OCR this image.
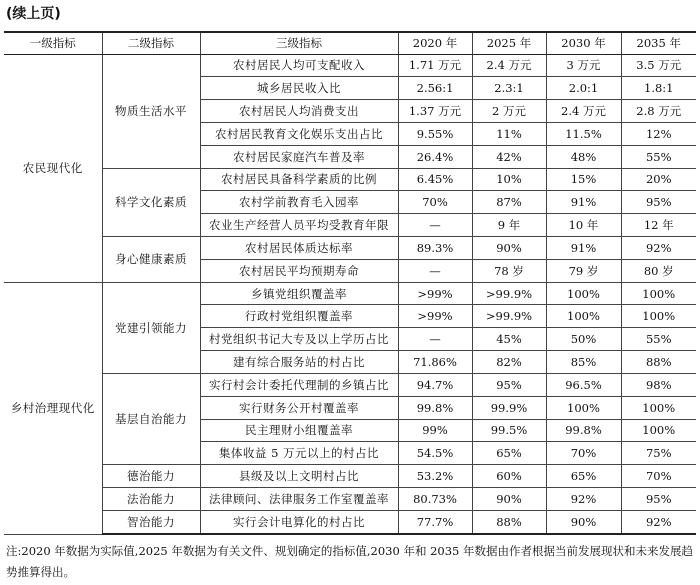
(续上页)
一级指标	二级指标	三级指标	2020 年	2025 年	2030 年	2035 年
农民现代化	物质生活水平	农村居民人均可支配收入	1.71 万元	2.4 万元	3 万元	3.5 万元
		城乡居民收入比	2.56:1	2.3:1	2.0:1	1.8:1
		农村居民人均消费支出	1.37 万元	2 万元	2.4 万元	2.8 万元
		农村居民教育文化娱乐支出占比	9.55%	11%	11.5%	12%
		农村居民家庭汽车普及率	26.4%	42%	48%	55%
	科学文化素质	农村居民具备科学素质的比例	6.45%	10%	15%	20%
		农村学前教育毛入园率	70%	87%	91%	95%
		农业生产经营人员平均受教育年限	—	9 年	10 年	12 年
	身心健康素质	农村居民体质达标率	89.3%	90%	91%	92%
		农村居民平均预期寿命	—	78 岁	79 岁	80 岁
乡村治理现代化	党建引领能力	乡镇党组织覆盖率	>99%	>99.9%	100%	100%
		行政村党组织覆盖率	>99%	>99.9%	100%	100%
		村党组织书记大专及以上学历占比	—	45%	50%	55%
		建有综合服务站的村占比	71.86%	82%	85%	88%
	基层自治能力	实行村会计委托代理制的乡镇占比	94.7%	95%	96.5%	98%
		实行财务公开村覆盖率	99.8%	99.9%	100%	100%
		民主理财小组覆盖率	99%	99.5%	99.8%	100%
		集体收益 5 万元以上的村占比	54.5%	65%	70%	75%
	德治能力	县级及以上文明村占比	53.2%	60%	65%	70%
	法治能力	法律顾问、法律服务工作室覆盖率	80.73%	90%	92%	95%
	智治能力	实行会计电算化的村占比	77.7%	88%	90%	92%
注:2020 年数据为实际值,2025 年数据为有关文件、规划确定的指标值,2030 年和 2035 年数据由作者根据当前发展现状和未来发展趋势推算得出。
